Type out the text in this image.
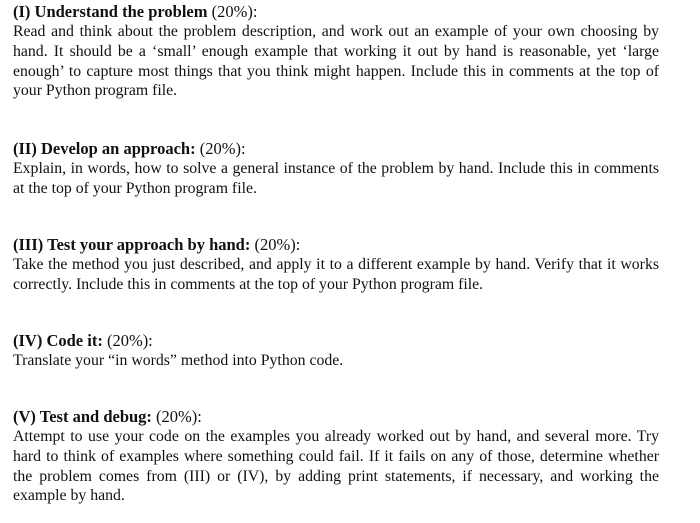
(I) Understand the problem (20%):
Read and think about the problem description, and work out an example of your own choosing by hand. It should be a ‘small’ enough example that working it out by hand is reasonable, yet ‘large enough’ to capture most things that you think might happen. Include this in comments at the top of your Python program file.
(II) Develop an approach: (20%):
Explain, in words, how to solve a general instance of the problem by hand. Include this in comments at the top of your Python program file.
(III) Test your approach by hand: (20%):
Take the method you just described, and apply it to a different example by hand. Verify that it works correctly. Include this in comments at the top of your Python program file.
(IV) Code it: (20%):
Translate your “in words” method into Python code.
(V) Test and debug: (20%):
Attempt to use your code on the examples you already worked out by hand, and several more. Try hard to think of examples where something could fail. If it fails on any of those, determine whether the problem comes from (III) or (IV), by adding print statements, if necessary, and working the example by hand.
